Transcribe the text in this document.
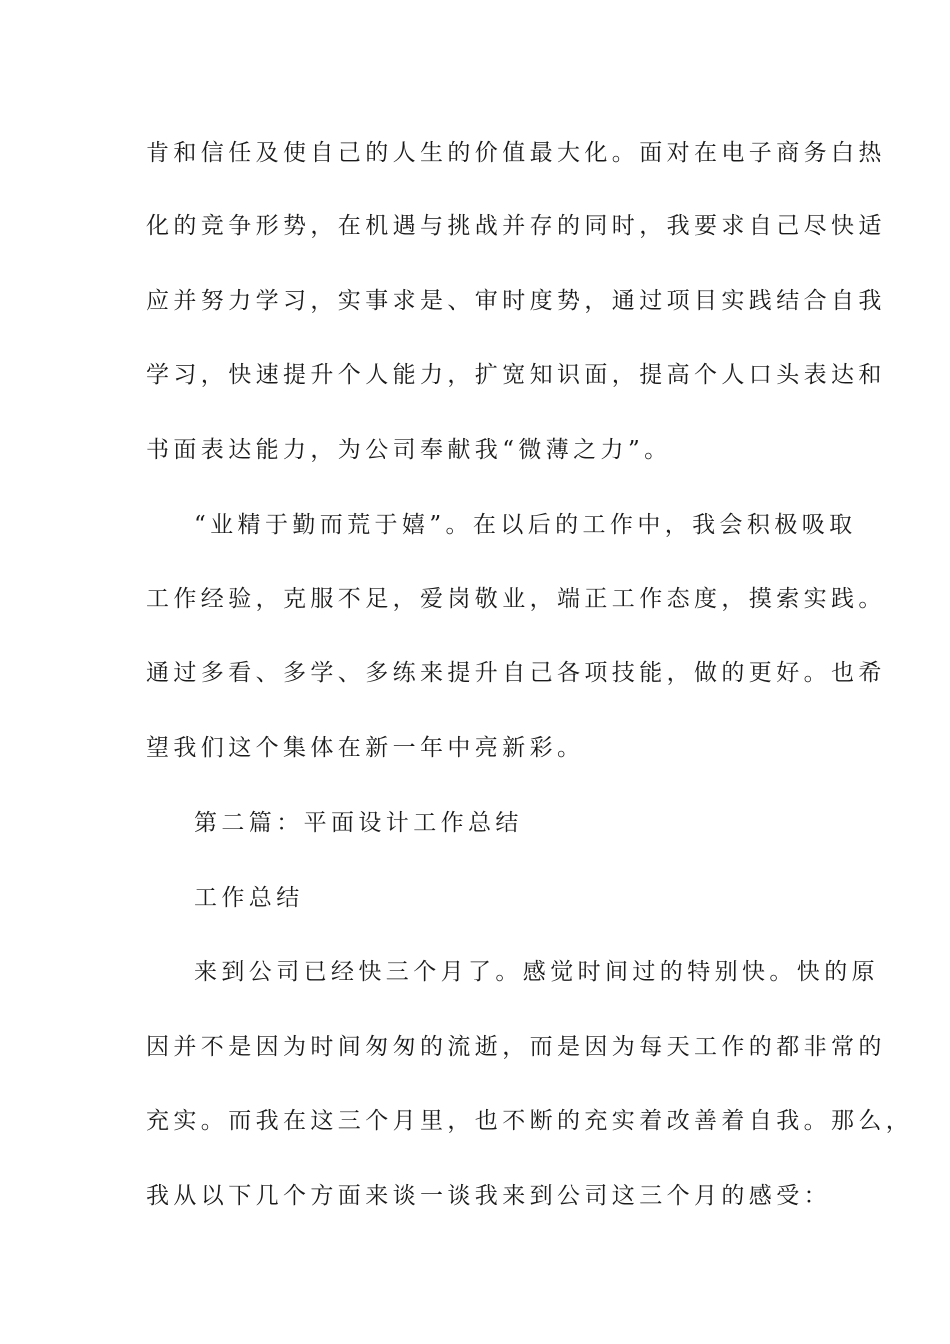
肯和信任及使自己的人生的价值最大化。面对在电子商务白热
化的竞争形势，在机遇与挑战并存的同时，我要求自己尽快适
应并努力学习，实事求是、审时度势，通过项目实践结合自我
学习，快速提升个人能力，扩宽知识面，提高个人口头表达和
书面表达能力，为公司奉献我“微薄之力”。
“业精于勤而荒于嬉”。在以后的工作中，我会积极吸取
工作经验，克服不足，爱岗敬业，端正工作态度，摸索实践。
通过多看、多学、多练来提升自己各项技能，做的更好。也希
望我们这个集体在新一年中亮新彩。
第二篇：平面设计工作总结
工作总结
来到公司已经快三个月了。感觉时间过的特别快。快的原
因并不是因为时间匆匆的流逝，而是因为每天工作的都非常的
充实。而我在这三个月里，也不断的充实着改善着自我。那么，
我从以下几个方面来谈一谈我来到公司这三个月的感受：
